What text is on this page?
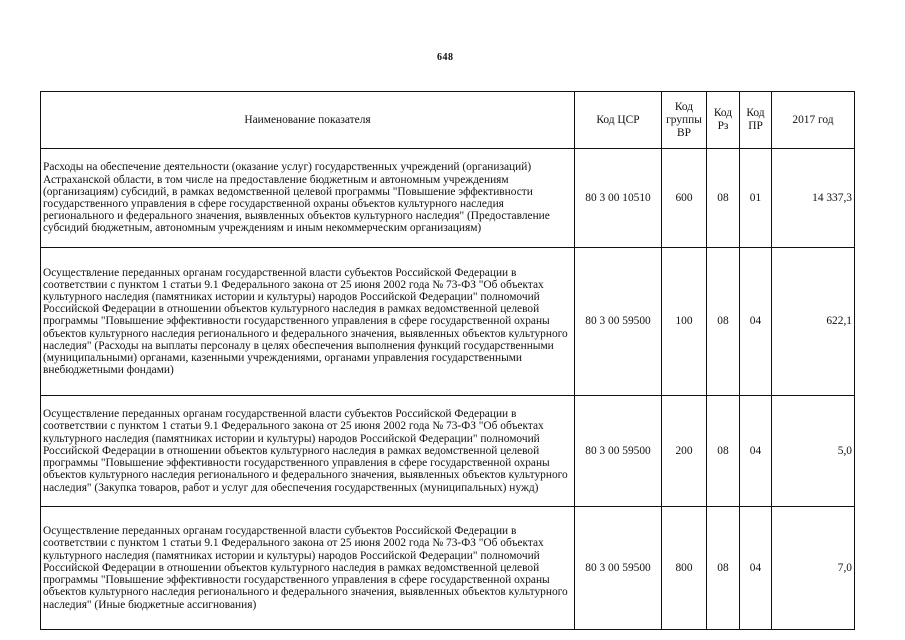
648
Наименование показателя	Код ЦСР	Код группы ВР	Код Рз	Код ПР	2017 год
Расходы на обеспечение деятельности (оказание услуг) государственных учреждений (организаций) Астраханской области, в том числе на предоставление бюджетным и автономным учреждениям (организациям) субсидий, в рамках ведомственной целевой программы "Повышение эффективности государственного управления в сфере государственной охраны объектов культурного наследия регионального и федерального значения, выявленных объектов культурного наследия" (Предоставление субсидий бюджетным, автономным учреждениям и иным некоммерческим организациям)	80 3 00 10510	600	08	01	14 337,3
Осуществление переданных органам государственной власти субъектов Российской Федерации в соответствии с пунктом 1 статьи 9.1 Федерального закона от 25 июня 2002 года № 73-ФЗ "Об объектах культурного наследия (памятниках истории и культуры) народов Российской Федерации" полномочий Российской Федерации в отношении объектов культурного наследия в рамках ведомственной целевой программы "Повышение эффективности государственного управления в сфере государственной охраны объектов культурного наследия регионального и федерального значения, выявленных объектов культурного наследия" (Расходы на выплаты персоналу в целях обеспечения выполнения функций государственными (муниципальными) органами, казенными учреждениями, органами управления государственными внебюджетными фондами)	80 3 00 59500	100	08	04	622,1
Осуществление переданных органам государственной власти субъектов Российской Федерации в соответствии с пунктом 1 статьи 9.1 Федерального закона от 25 июня 2002 года № 73-ФЗ "Об объектах культурного наследия (памятниках истории и культуры) народов Российской Федерации" полномочий Российской Федерации в отношении объектов культурного наследия в рамках ведомственной целевой программы "Повышение эффективности государственного управления в сфере государственной охраны объектов культурного наследия регионального и федерального значения, выявленных объектов культурного наследия" (Закупка товаров, работ и услуг для обеспечения государственных (муниципальных) нужд)	80 3 00 59500	200	08	04	5,0
Осуществление переданных органам государственной власти субъектов Российской Федерации в соответствии с пунктом 1 статьи 9.1 Федерального закона от 25 июня 2002 года № 73-ФЗ "Об объектах культурного наследия (памятниках истории и культуры) народов Российской Федерации" полномочий Российской Федерации в отношении объектов культурного наследия в рамках ведомственной целевой программы "Повышение эффективности государственного управления в сфере государственной охраны объектов культурного наследия регионального и федерального значения, выявленных объектов культурного наследия" (Иные бюджетные ассигнования)	80 3 00 59500	800	08	04	7,0
